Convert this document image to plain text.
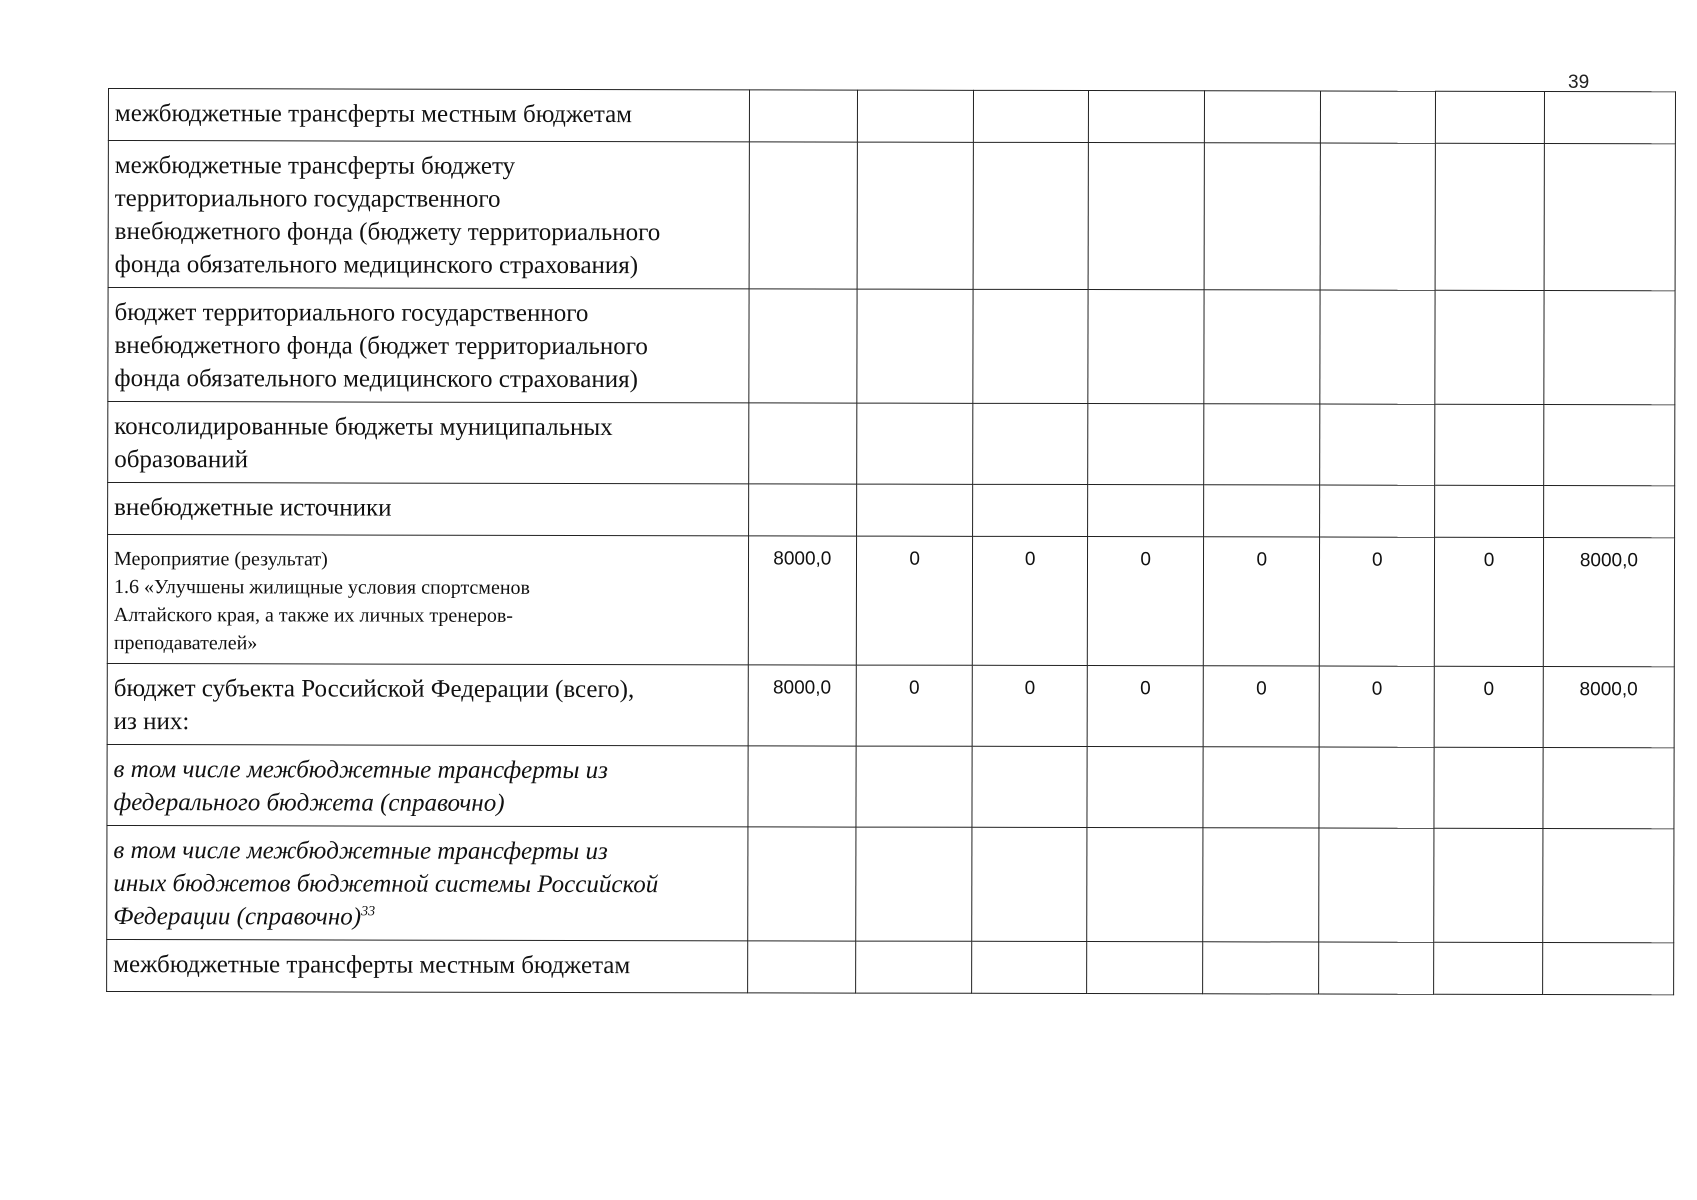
39
межбюджетные трансферты местным бюджетам								

межбюджетные трансферты бюджету
территориального государственного
внебюджетного фонда (бюджету территориального
фонда обязательного медицинского страхования)								

бюджет территориального государственного
внебюджетного фонда (бюджет территориального
фонда обязательного медицинского страхования)								

консолидированные бюджеты муниципальных
образований								

внебюджетные источники								

Мероприятие (результат)
1.6 «Улучшены жилищные условия спортсменов
Алтайского края, а также их личных тренеров-
преподавателей»	8000,0	0	0	0	0	0	0	8000,0

бюджет субъекта Российской Федерации (всего),
из них:	8000,0	0	0	0	0	0	0	8000,0

в том числе межбюджетные трансферты из
федерального бюджета (справочно)								

в том числе межбюджетные трансферты из
иных бюджетов бюджетной системы Российской
Федерации (справочно)$^{33}$

межбюджетные трансферты местным бюджетам								
